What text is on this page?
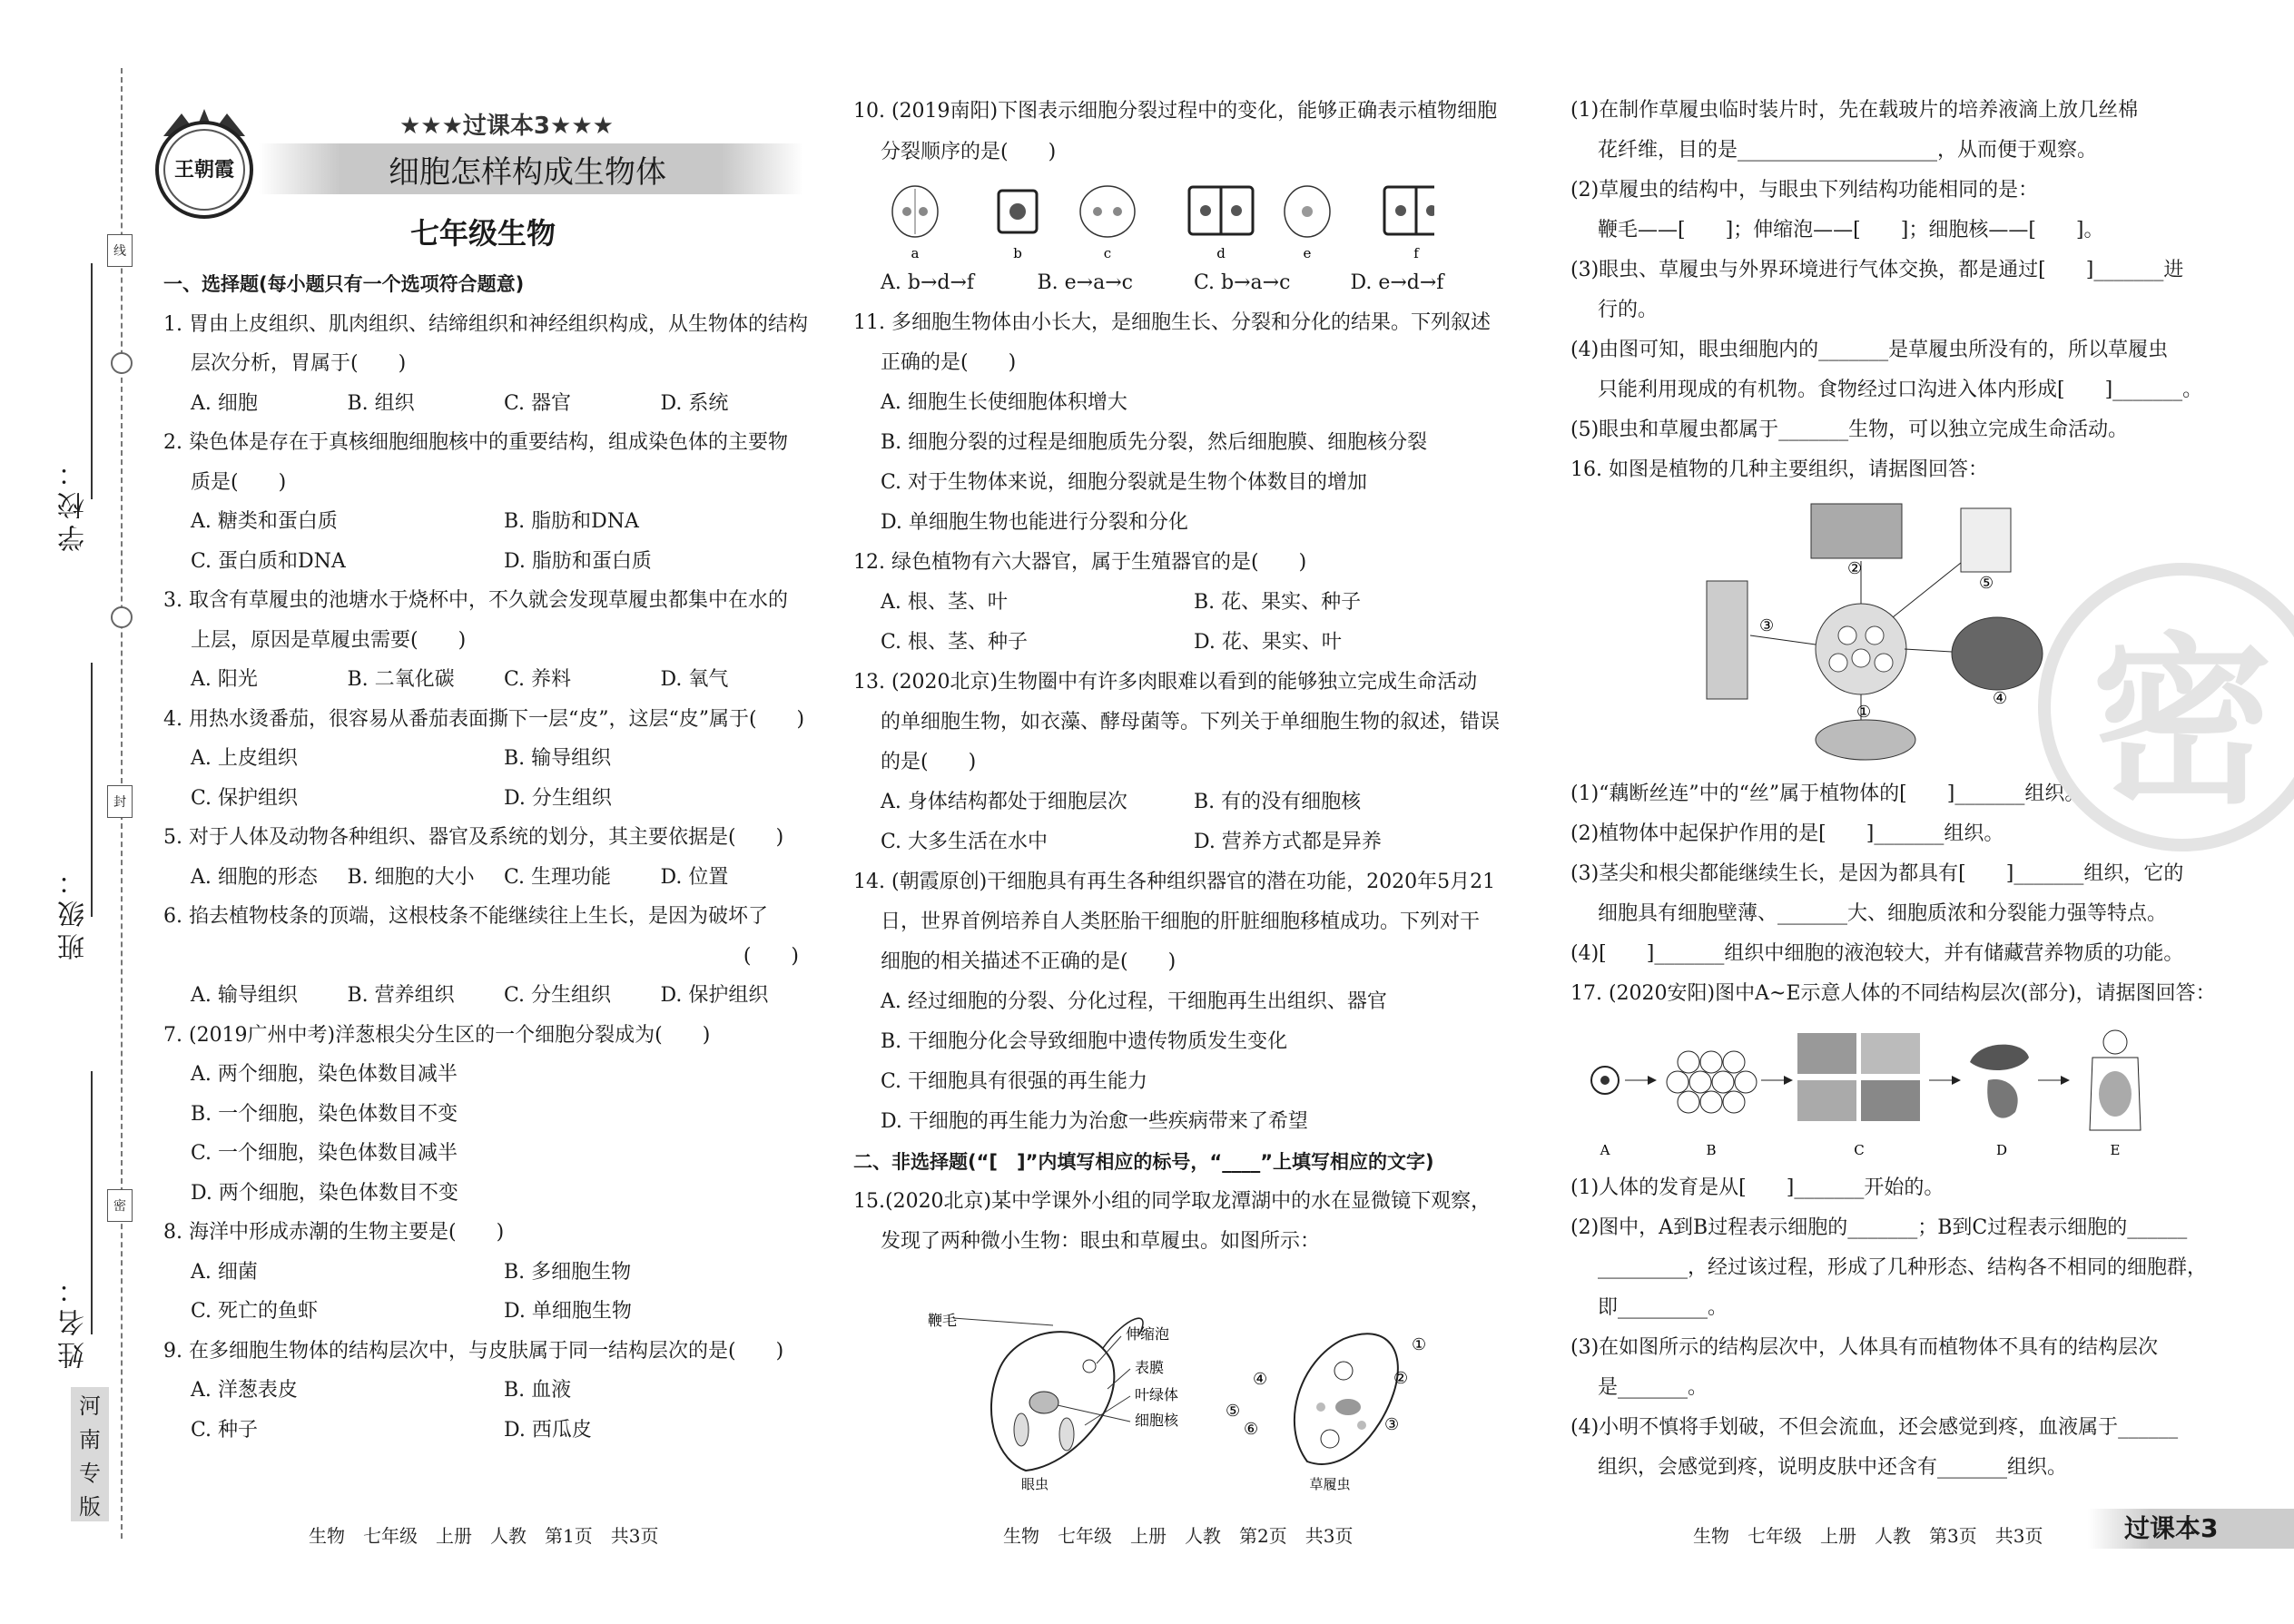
线
封
密
学校：
班级：
姓名：
河
南
专
版
王朝霞
★★★过课本3★★★
细胞怎样构成生物体
七年级生物

一、选择题(每小题只有一个选项符合题意)

1. 胃由上皮组织、肌肉组织、结缔组织和神经组织构成，从生物体的结构

层次分析，胃属于(　　)

A. 细胞	B. 组织	C. 器官	D. 系统

2. 染色体是存在于真核细胞细胞核中的重要结构，组成染色体的主要物

质是(　　)

A. 糖类和蛋白质	B. 脂肪和DNA

C. 蛋白质和DNA	D. 脂肪和蛋白质

3. 取含有草履虫的池塘水于烧杯中，不久就会发现草履虫都集中在水的

上层，原因是草履虫需要(　　)

A. 阳光	B. 二氧化碳	C. 养料	D. 氧气

4. 用热水烫番茄，很容易从番茄表面撕下一层“皮”，这层“皮”属于(　　)

A. 上皮组织	B. 输导组织

C. 保护组织	D. 分生组织

5. 对于人体及动物各种组织、器官及系统的划分，其主要依据是(　　)

A. 细胞的形态	B. 细胞的大小	C. 生理功能	D. 位置

6. 掐去植物枝条的顶端，这根枝条不能继续往上生长，是因为破坏了

(　　)

A. 输导组织	B. 营养组织	C. 分生组织	D. 保护组织

7. (2019广州中考)洋葱根尖分生区的一个细胞分裂成为(　　)

A. 两个细胞，染色体数目减半

B. 一个细胞，染色体数目不变

C. 一个细胞，染色体数目减半

D. 两个细胞，染色体数目不变

8. 海洋中形成赤潮的生物主要是(　　)

A. 细菌	B. 多细胞生物

C. 死亡的鱼虾	D. 单细胞生物

9. 在多细胞生物体的结构层次中，与皮肤属于同一结构层次的是(　　)

A. 洋葱表皮	B. 血液

C. 种子	D. 西瓜皮

10. (2019南阳)下图表示细胞分裂过程中的变化，能够正确表示植物细胞

分裂顺序的是(　　)

a	b	c	d	e	f

A. b→d→f	B. e→a→c	C. b→a→c	D. e→d→f

11. 多细胞生物体由小长大，是细胞生长、分裂和分化的结果。下列叙述

正确的是(　　)

A. 细胞生长使细胞体积增大

B. 细胞分裂的过程是细胞质先分裂，然后细胞膜、细胞核分裂

C. 对于生物体来说，细胞分裂就是生物个体数目的增加

D. 单细胞生物也能进行分裂和分化

12. 绿色植物有六大器官，属于生殖器官的是(　　)

A. 根、茎、叶	B. 花、果实、种子

C. 根、茎、种子	D. 花、果实、叶

13. (2020北京)生物圈中有许多肉眼难以看到的能够独立完成生命活动

的单细胞生物，如衣藻、酵母菌等。下列关于单细胞生物的叙述，错误

的是(　　)

A. 身体结构都处于细胞层次	B. 有的没有细胞核

C. 大多生活在水中	D. 营养方式都是异养

14. (朝霞原创)干细胞具有再生各种组织器官的潜在功能，2020年5月21

日，世界首例培养自人类胚胎干细胞的肝脏细胞移植成功。下列对干

细胞的相关描述不正确的是(　　)

A. 经过细胞的分裂、分化过程，干细胞再生出组织、器官

B. 干细胞分化会导致细胞中遗传物质发生变化

C. 干细胞具有很强的再生能力

D. 干细胞的再生能力为治愈一些疾病带来了希望

二、非选择题(“[　]”内填写相应的标号，“____”上填写相应的文字)

15.(2020北京)某中学课外小组的同学取龙潭湖中的水在显微镜下观察，

发现了两种微小生物：眼虫和草履虫。如图所示：

鞭毛
伸缩泡
表膜
叶绿体
细胞核
眼虫
①
②
③
④
⑤
⑥
草履虫

(1)在制作草履虫临时装片时，先在载玻片的培养液滴上放几丝棉

花纤维，目的是____________________，从而便于观察。

(2)草履虫的结构中，与眼虫下列结构功能相同的是：

鞭毛——[　　]；伸缩泡——[　　]；细胞核——[　　]。

(3)眼虫、草履虫与外界环境进行气体交换，都是通过[　　]_______进

行的。

(4)由图可知，眼虫细胞内的_______是草履虫所没有的，所以草履虫

只能利用现成的有机物。食物经过口沟进入体内形成[　　]_______。

(5)眼虫和草履虫都属于_______生物，可以独立完成生命活动。

16. 如图是植物的几种主要组织，请据图回答：

①
②
③
④
⑤

(1)“藕断丝连”中的“丝”属于植物体的[　　]_______组织。

(2)植物体中起保护作用的是[　　]_______组织。

(3)茎尖和根尖都能继续生长，是因为都具有[　　]_______组织，它的

细胞具有细胞壁薄、_______大、细胞质浓和分裂能力强等特点。

(4)[　　]_______组织中细胞的液泡较大，并有储藏营养物质的功能。

17. (2020安阳)图中A~E示意人体的不同结构层次(部分)，请据图回答：

A	B	C	D	E

(1)人体的发育是从[　　]_______开始的。

(2)图中，A到B过程表示细胞的_______；B到C过程表示细胞的______

_________，经过该过程，形成了几种形态、结构各不相同的细胞群，

即_________。

(3)在如图所示的结构层次中，人体具有而植物体不具有的结构层次

是_______。

(4)小明不慎将手划破，不但会流血，还会感觉到疼，血液属于______

组织，会感觉到疼，说明皮肤中还含有_______组织。

密
生物　七年级　上册　人教　第1页　共3页	生物　七年级　上册　人教　第2页　共3页	生物　七年级　上册　人教　第3页　共3页	过课本3
